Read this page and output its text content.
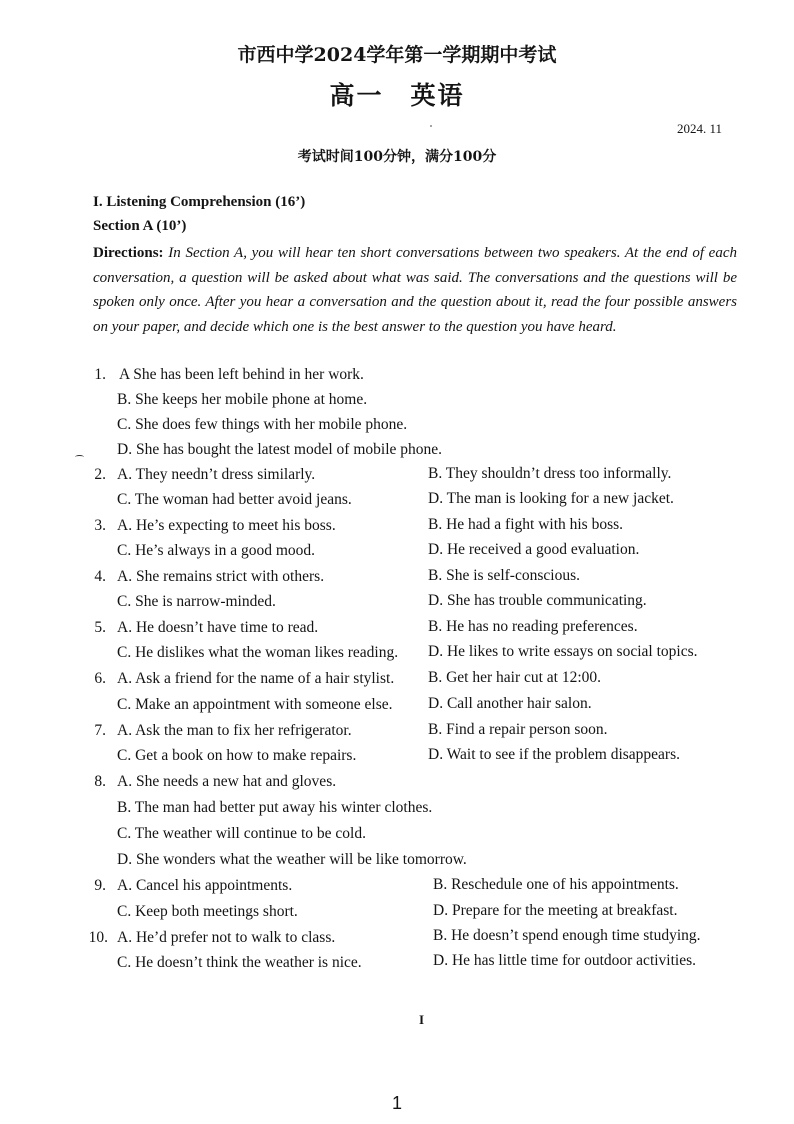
市西中学2024学年第一学期期中考试
高一　英语
2024. 11
考试时间100分钟，满分100分
I. Listening Comprehension (16’)
Section A (10’)
Directions: In Section A, you will hear ten short conversations between two speakers. At the end of each conversation, a question will be asked about what was said. The conversations and the questions will be spoken only once. After you hear a conversation and the question about it, read the four possible answers on your paper, and decide which one is the best answer to the question you have heard.
1. A She has been left behind in her work.
B. She keeps her mobile phone at home.
C. She does few things with her mobile phone.
D. She has bought the latest model of mobile phone.
2. A. They needn’t dress similarly.	B. They shouldn’t dress too informally.
C. The woman had better avoid jeans.	D. The man is looking for a new jacket.
3. A. He’s expecting to meet his boss.	B. He had a fight with his boss.
C. He’s always in a good mood.	D. He received a good evaluation.
4. A. She remains strict with others.	B. She is self-conscious.
C. She is narrow-minded.	D. She has trouble communicating.
5. A. He doesn’t have time to read.	B. He has no reading preferences.
C. He dislikes what the woman likes reading. D. He likes to write essays on social topics.
6. A. Ask a friend for the name of a hair stylist. B. Get her hair cut at 12:00.
C. Make an appointment with someone else. D. Call another hair salon.
7. A. Ask the man to fix her refrigerator.	B. Find a repair person soon.
C. Get a book on how to make repairs.	D. Wait to see if the problem disappears.
8. A. She needs a new hat and gloves.
B. The man had better put away his winter clothes.
C. The weather will continue to be cold.
D. She wonders what the weather will be like tomorrow.
9. A. Cancel his appointments.	B. Reschedule one of his appointments.
C. Keep both meetings short.	D. Prepare for the meeting at breakfast.
10. A. He’d prefer not to walk to class.	B. He doesn’t spend enough time studying.
C. He doesn’t think the weather is nice.	D. He has little time for outdoor activities.
I
1
